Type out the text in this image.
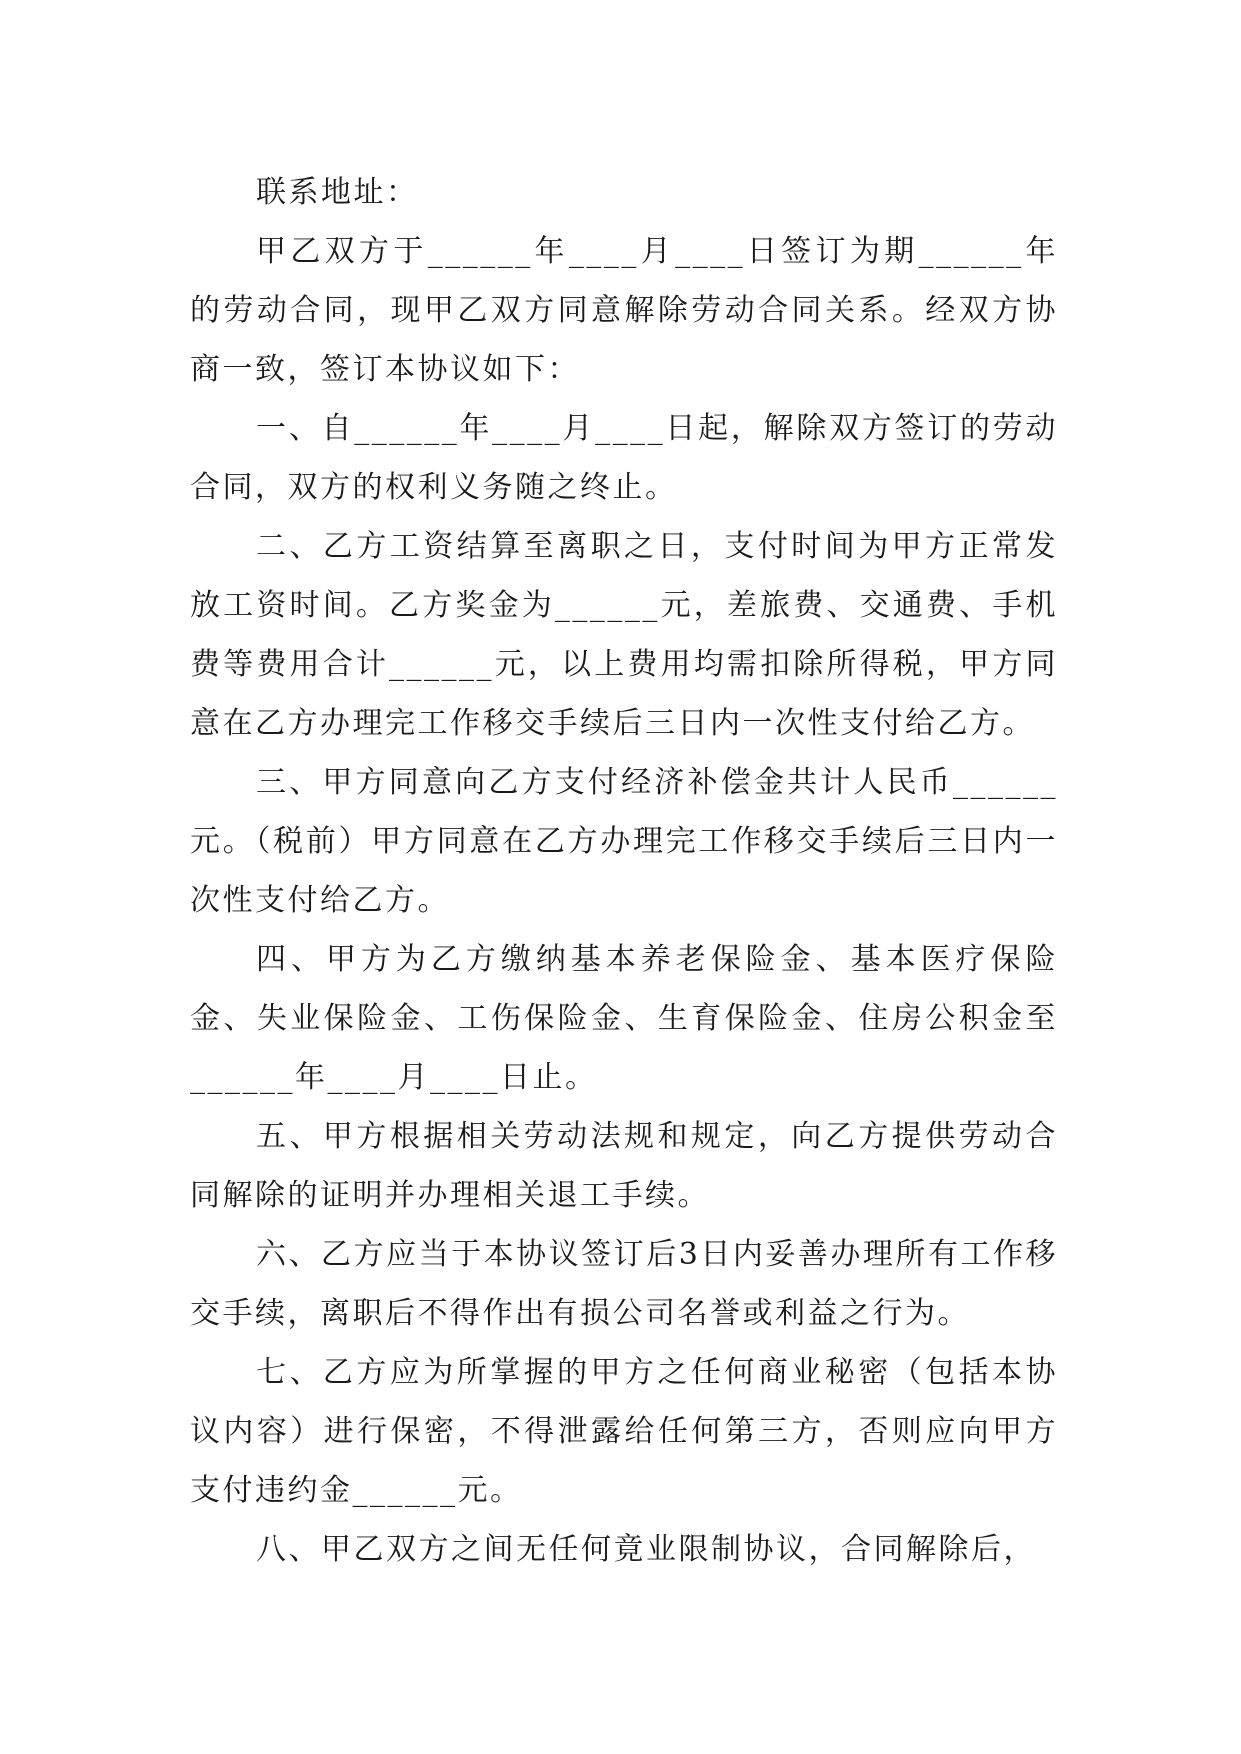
联系地址：

甲乙双方于______年____月____日签订为期______年的劳动合同，现甲乙双方同意解除劳动合同关系。经双方协商一致，签订本协议如下：

一、自______年____月____日起，解除双方签订的劳动合同，双方的权利义务随之终止。

二、乙方工资结算至离职之日，支付时间为甲方正常发放工资时间。乙方奖金为______元，差旅费、交通费、手机费等费用合计______元，以上费用均需扣除所得税，甲方同意在乙方办理完工作移交手续后三日内一次性支付给乙方。

三、甲方同意向乙方支付经济补偿金共计人民币______元。（税前）甲方同意在乙方办理完工作移交手续后三日内一次性支付给乙方。

四、甲方为乙方缴纳基本养老保险金、基本医疗保险金、失业保险金、工伤保险金、生育保险金、住房公积金至______年____月____日止。

五、甲方根据相关劳动法规和规定，向乙方提供劳动合同解除的证明并办理相关退工手续。

六、乙方应当于本协议签订后3日内妥善办理所有工作移交手续，离职后不得作出有损公司名誉或利益之行为。

七、乙方应为所掌握的甲方之任何商业秘密（包括本协议内容）进行保密，不得泄露给任何第三方，否则应向甲方支付违约金______元。

八、甲乙双方之间无任何竟业限制协议，合同解除后，
